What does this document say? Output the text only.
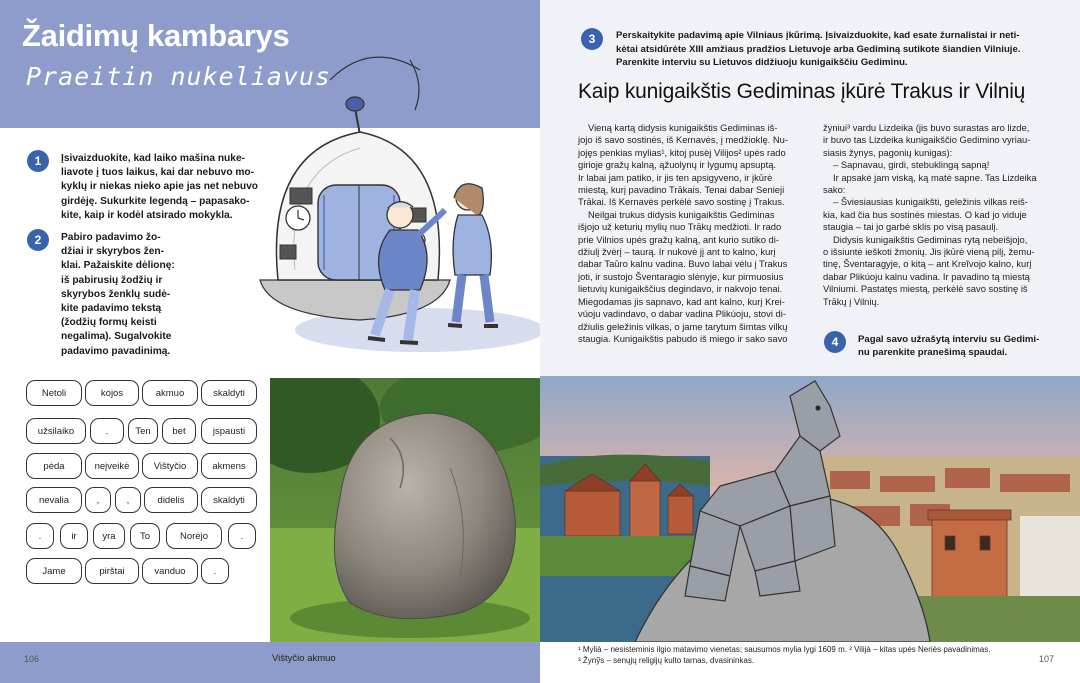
Žaidimų kambarys
Praeitin nukeliavus
1	Įsivaizduokite, kad laiko mašina nuke-
liavote į tuos laikus, kai dar nebuvo mo-
kyklų ir niekas nieko apie jas net nebuvo
girdėję. Sukurkite legendą – papasako-
kite, kaip ir kodėl atsirado mokykla.
2	Pabiro padavimo žo-
džiai ir skyrybos žen-
klai. Pažaiskite dėlionę:
iš pabirusių žodžių ir
skyrybos ženklų sudė-
kite padavimo tekstą
(žodžių formų keisti
negalima). Sugalvokite
padavimo pavadinimą.
Netoli	kojos	akmuo	skaldyti
užsilaiko	.	Ten	bet	įspausti
pėda	neįveikė	Vištyčio	akmens
nevalia	,	,	didelis	skaldyti
.	ir	yra	To	Norėjo	.
Jame	pirštai	vanduo	.
106	Vištyčio akmuo
3	Perskaitykite padavimą apie Vilniaus įkūrimą. Įsivaizduokite, kad esate žurnalistai ir neti-
kėtai atsidūrėte XIII amžiaus pradžios Lietuvoje arba Gediminą sutikote šiandien Vilniuje.
Parenkite interviu su Lietuvos didžiuoju kunigaikščiu Gediminu.
Kaip kunigaikštis Gediminas įkūrė Trakus ir Vilnių
Vieną kartą didysis kunigaikštis Gediminas iš-
jojo iš savo sostinės, iš Kernavės, į medžioklę. Nu-
jojęs penkias mylias¹, kitoj pusėj Vilijos² upės rado
girioje gražų kalną, ąžuolynų ir lygumų apsuptą.
Ir labai jam patiko, ir jis ten apsigyveno, ir įkūrė
miestą, kurį pavadino Trākais. Tenai dabar Senieji
Trākai. Iš Kernavės perkėlė savo sostinę į Trakus.
Neilgai trukus didysis kunigaikštis Gediminas
išjojo už keturių mylių nuo Trākų medžioti. Ir rado
prie Vilnios upės gražų kalną, ant kurio sutiko di-
džiulį žvėrį – taurą. Ir nukovė jį ant to kalno, kurį
dabar Taūro kalnu vadina. Buvo labai vėlu į Trakus
joti, ir sustojo Šventaragio slėnyje, kur pirmuosius
lietuvių kunigaikščius degindavo, ir nakvojo tenai.
Miegodamas jis sapnavo, kad ant kalno, kurį Krei-
vúoju vadindavo, o dabar vadina Plikúoju, stovi di-
džiulis geležinis vilkas, o jame tarytum šimtas vilkų
staugia. Kunigaikštis pabudo iš miego ir sako savo
žyniui³ vardu Lizdeika (jis buvo surastas aro lizde,
ir buvo tas Lizdeika kunigaikščio Gedimino vyriau-
siasis žynys, pagonių kunigas):
– Sapnavau, girdi, stebuklingą sapną!
Ir apsakė jam viską, ką matė sapne. Tas Lizdeika
sako:
– Šviesiausias kunigaikšti, geležinis vilkas reiš-
kia, kad čia bus sostinės miestas. O kad jo viduje
staugia – tai jo garbė sklis po visą pasaulį.
Didysis kunigaikštis Gediminas rytą nebeišjojo,
o išsiuntė ieškoti žmonių. Jis įkūrė vieną pilį, žemu-
tinę, Šventaragyje, o kitą – ant Kreĩvojo kalno, kurį
dabar Plikúoju kalnu vadina. Ir pavadino tą miestą
Vilniumi. Pastatęs miestą, perkėlė savo sostinę iš
Trākų į Vilnių.
4	Pagal savo užrašytą interviu su Gedimi-
nu parenkite pranešimą spaudai.
¹ Mylià – nesisteminis ilgio matavimo vienetas; sausumos mylia lygi 1609 m. ² Vilijà – kitas upės Neriès pavadinimas.
³ Žynỹs – senųjų religijų kulto tarnas, dvasininkas.	107
